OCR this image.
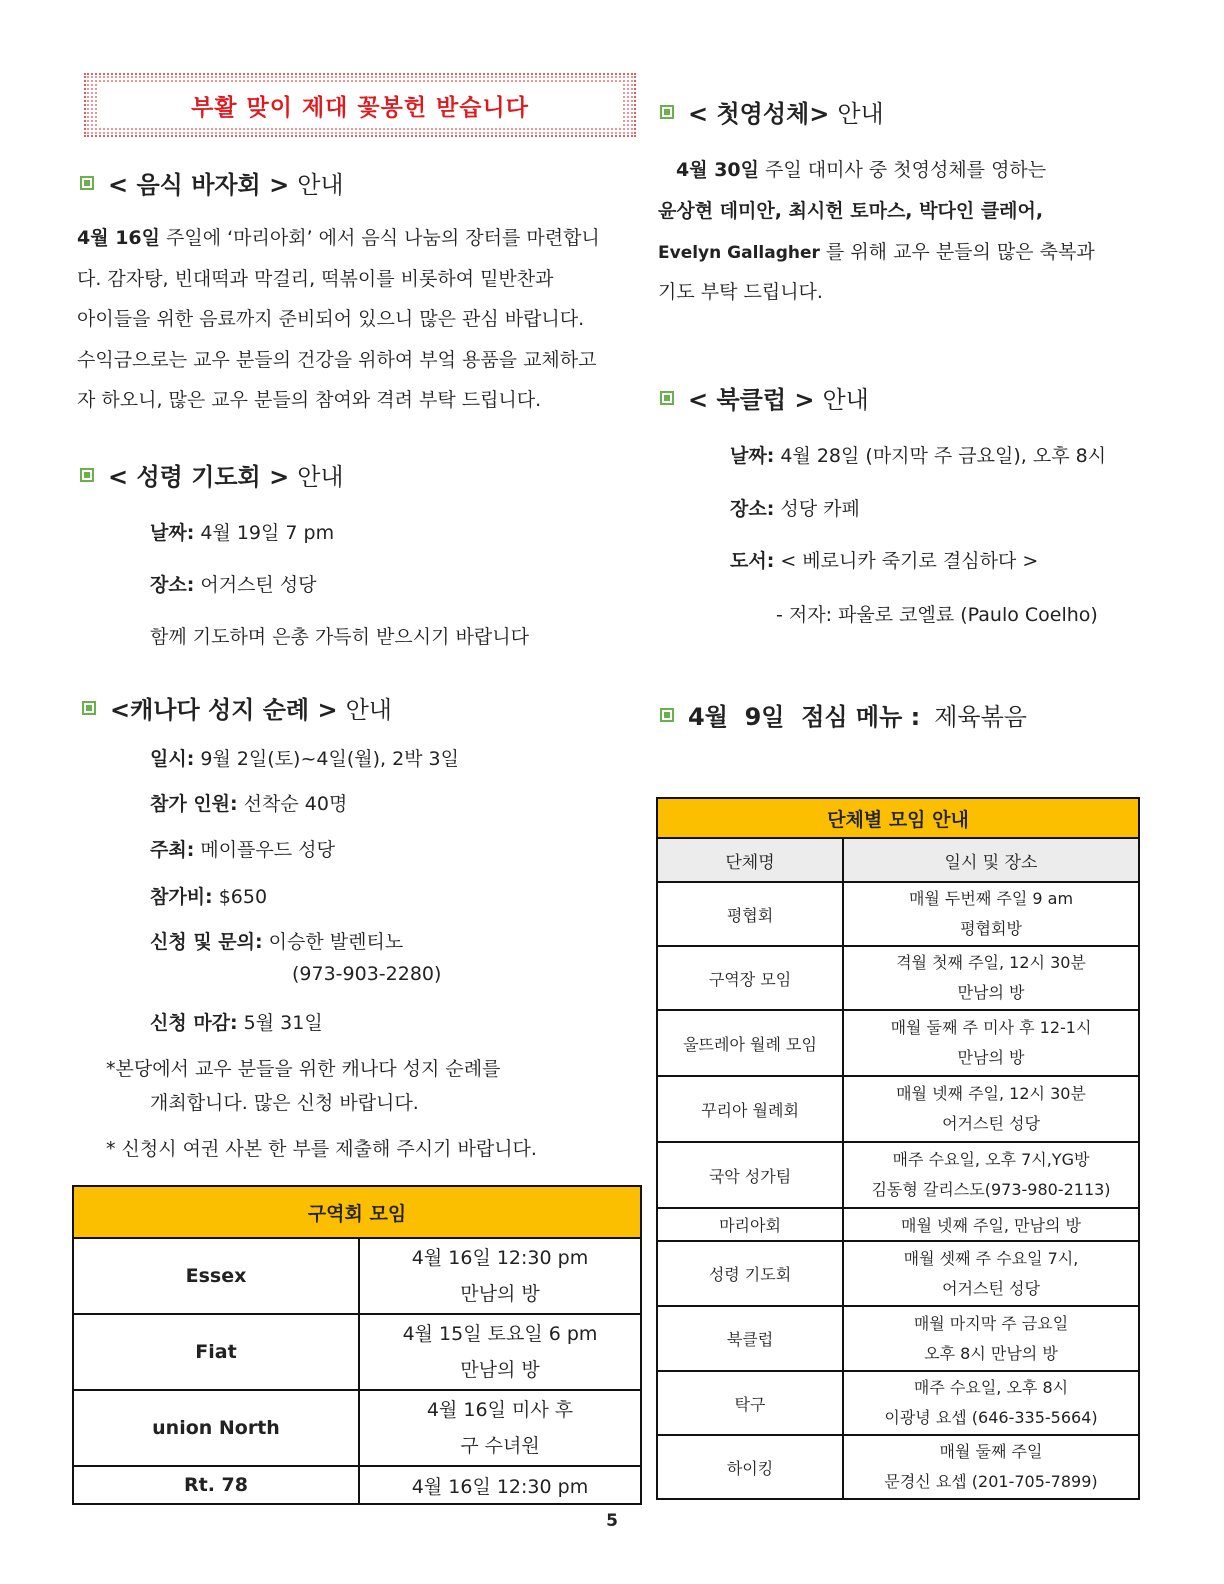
부활 맞이 제대 꽃봉헌 받습니다
< 음식 바자회 > 안내
4월 16일 주일에 ‘마리아회’ 에서 음식 나눔의 장터를 마련합니
다. 감자탕, 빈대떡과 막걸리, 떡볶이를 비롯하여 밑반찬과
아이들을 위한 음료까지 준비되어 있으니 많은 관심 바랍니다.
수익금으로는 교우 분들의 건강을 위하여 부엌 용품을 교체하고
자 하오니, 많은 교우 분들의 참여와 격려 부탁 드립니다.
< 성령 기도회 > 안내
날짜: 4월 19일 7 pm
장소: 어거스틴 성당
함께 기도하며 은총 가득히 받으시기 바랍니다
<캐나다 성지 순례 > 안내
일시: 9월 2일(토)~4일(월), 2박 3일
참가 인원: 선착순 40명
주최: 메이플우드 성당
참가비: $650
신청 및 문의: 이승한 발렌티노
(973-903-2280)
신청 마감: 5월 31일
*본당에서 교우 분들을 위한 캐나다 성지 순례를
개최합니다. 많은 신청 바랍니다.
* 신청시 여권 사본 한 부를 제출해 주시기 바랍니다.
구역회 모임	
Essex	4월 16일 12:30 pm
만남의 방

Fiat	4월 15일 토요일 6 pm
만남의 방

union North	4월 16일 미사 후
구 수녀원

Rt. 78	4월 16일 12:30 pm
< 첫영성체> 안내
4월 30일 주일 대미사 중 첫영성체를 영하는
윤상현 데미안, 최시헌 토마스, 박다인 클레어,
Evelyn Gallagher 를 위해 교우 분들의 많은 축복과
기도 부탁 드립니다.
< 북클럽 > 안내
날짜: 4월 28일 (마지막 주 금요일), 오후 8시
장소: 성당 카페
도서: < 베로니카 죽기로 결심하다 >
- 저자: 파울로 코엘료 (Paulo Coelho)
4월  9일  점심 메뉴 : 제육볶음
단체별 모임 안내	
단체명	일시 및 장소
평협회	매월 두번째 주일 9 am
평협회방

구역장 모임	격월 첫째 주일, 12시 30분
만남의 방

울뜨레아 월례 모임	매월 둘째 주 미사 후 12-1시
만남의 방

꾸리아 월례회	매월 넷째 주일, 12시 30분
어거스틴 성당

국악 성가팀	매주 수요일, 오후 7시,YG방
김동형 갈리스도(973-980-2113)

마리아회	매월 넷째 주일, 만남의 방
성령 기도회	매월 셋째 주 수요일 7시,
어거스틴 성당

북클럽	매월 마지막 주 금요일
오후 8시 만남의 방

탁구	매주 수요일, 오후 8시
이광녕 요셉 (646-335-5664)

하이킹	매월 둘째 주일
문경신 요셉 (201-705-7899)
5
